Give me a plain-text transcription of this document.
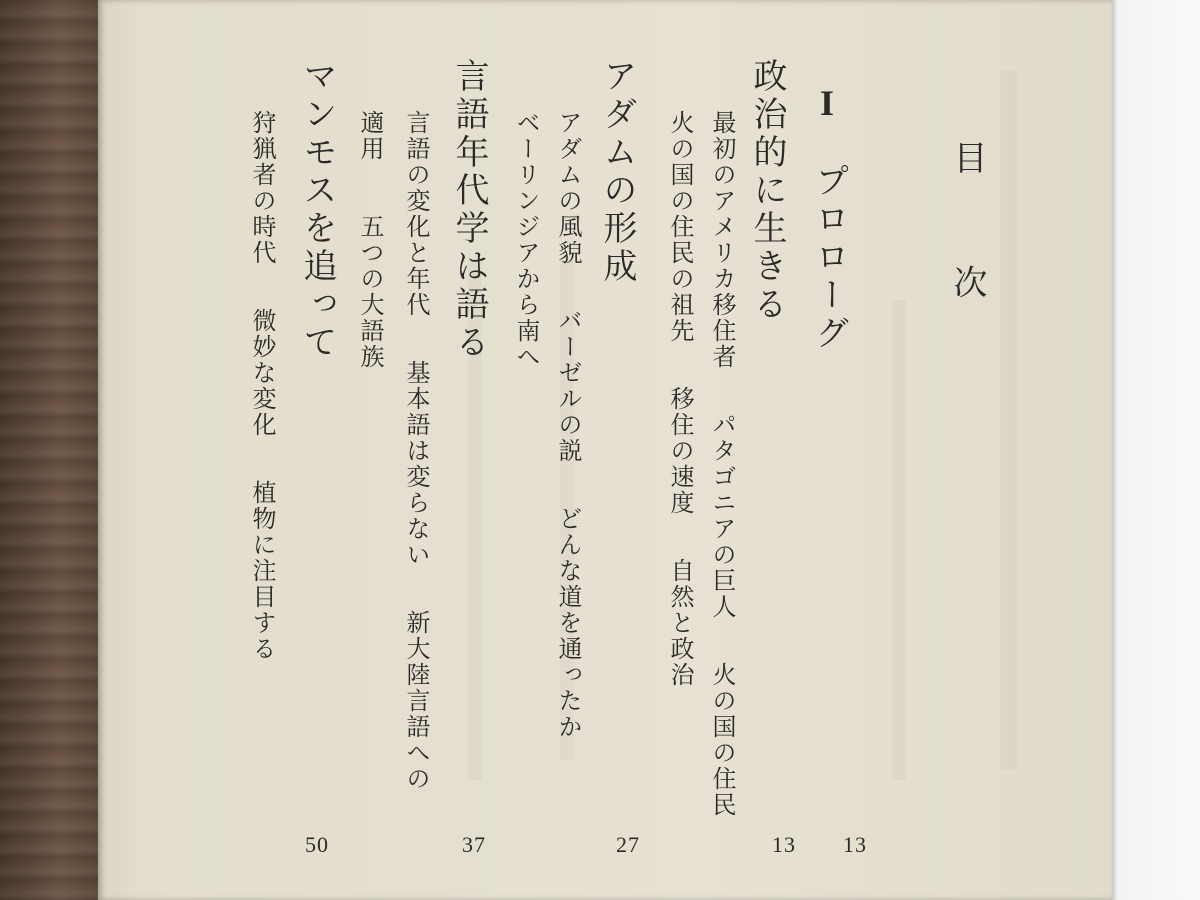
目 次
Iプロローグ
政治的に生きる
最初のアメリカ移住者パタゴニアの巨人火の国の住民
火の国の住民の祖先移住の速度自然と政治
アダムの形成
アダムの風貌バーゼルの説どんな道を通ったか
ベーリンジアから南へ
言語年代学は語る
言語の変化と年代基本語は変らない新大陸言語への
適用五つの大語族
マンモスを追って
狩猟者の時代微妙な変化植物に注目する
13
13
27
37
50
